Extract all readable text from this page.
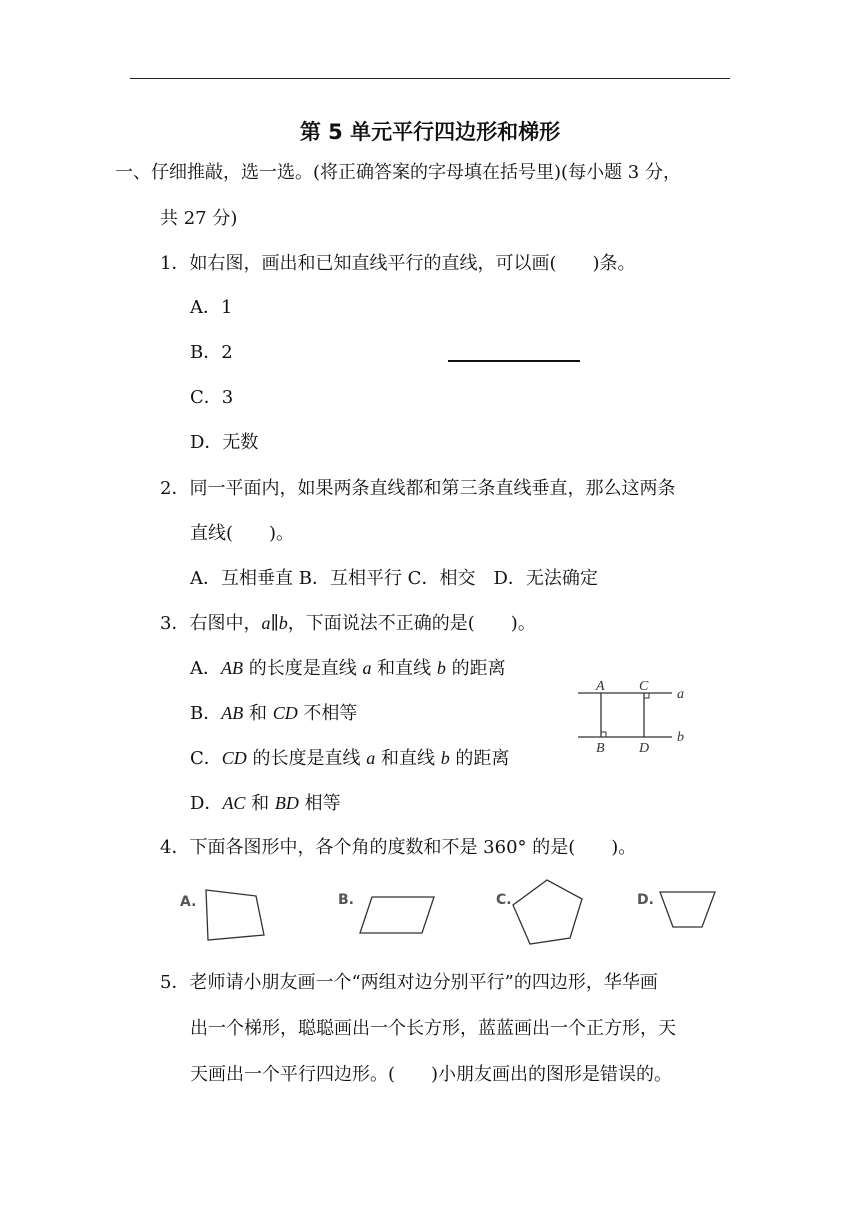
第 5 单元平行四边形和梯形
一、仔细推敲，选一选。(将正确答案的字母填在括号里)(每小题 3 分，
共 27 分)
1．如右图，画出和已知直线平行的直线，可以画(　　)条。
A．1
B．2
C．3
D．无数
2．同一平面内，如果两条直线都和第三条直线垂直，那么这两条
直线(　　)。
A．互相垂直 B．互相平行 C．相交　D．无法确定
3．右图中，a∥b，下面说法不正确的是(　　)。
A．AB 的长度是直线 a 和直线 b 的距离
B．AB 和 CD 不相等
C．CD 的长度是直线 a 和直线 b 的距离
D．AC 和 BD 相等
A C
B D
a
b
4．下面各图形中，各个角的度数和不是 360° 的是(　　)。
A.	B.	C.	D.
5．老师请小朋友画一个“两组对边分别平行”的四边形，华华画
出一个梯形，聪聪画出一个长方形，蓝蓝画出一个正方形，天
天画出一个平行四边形。(　　)小朋友画出的图形是错误的。
